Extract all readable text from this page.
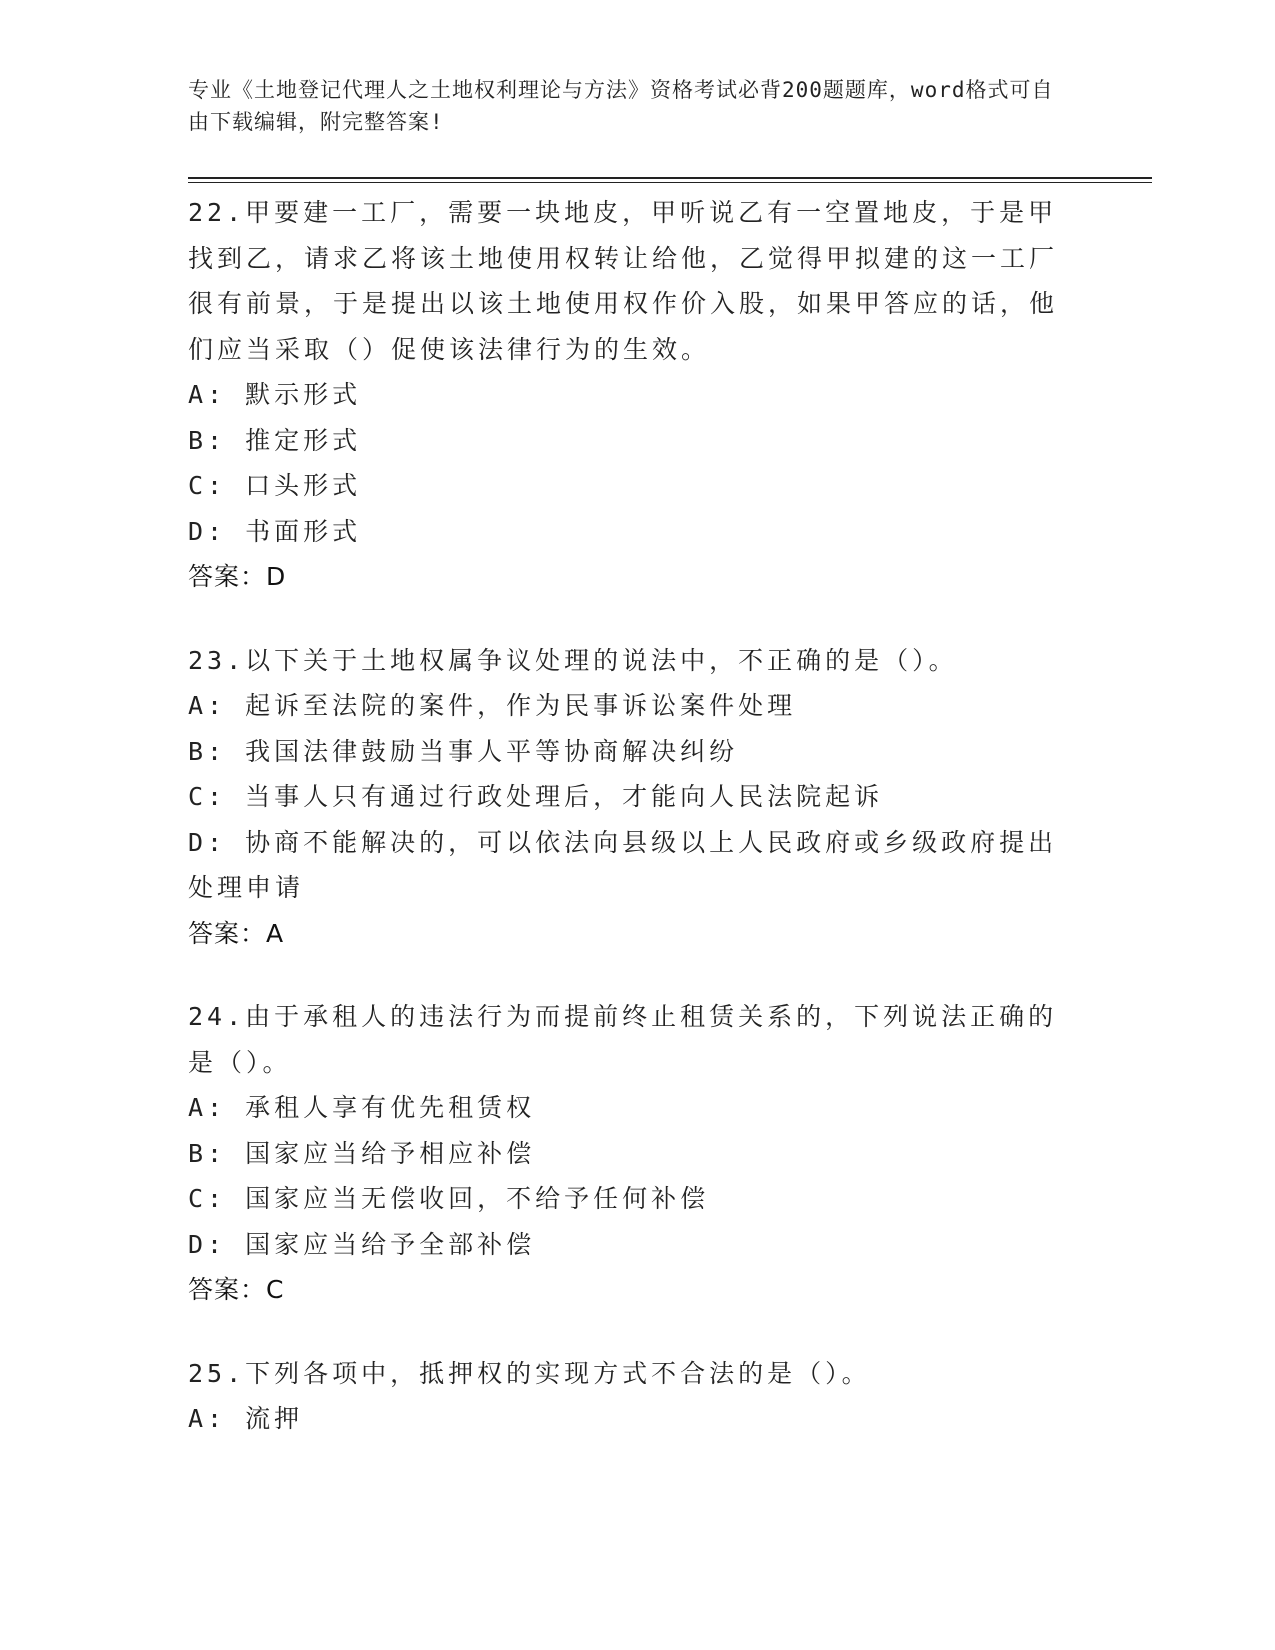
专业《土地登记代理人之土地权利理论与方法》资格考试必背200题题库，word格式可自由下载编辑，附完整答案!
22.甲要建一工厂，需要一块地皮，甲听说乙有一空置地皮，于是甲找到乙，请求乙将该土地使用权转让给他，乙觉得甲拟建的这一工厂很有前景，于是提出以该土地使用权作价入股，如果甲答应的话，他们应当采取（）促使该法律行为的生效。
A: 默示形式
B: 推定形式
C: 口头形式
D: 书面形式
答案：D
23.以下关于土地权属争议处理的说法中，不正确的是（）。
A: 起诉至法院的案件，作为民事诉讼案件处理
B: 我国法律鼓励当事人平等协商解决纠纷
C: 当事人只有通过行政处理后，才能向人民法院起诉
D: 协商不能解决的，可以依法向县级以上人民政府或乡级政府提出处理申请
答案：A
24.由于承租人的违法行为而提前终止租赁关系的，下列说法正确的是（）。
A: 承租人享有优先租赁权
B: 国家应当给予相应补偿
C: 国家应当无偿收回，不给予任何补偿
D: 国家应当给予全部补偿
答案：C
25.下列各项中，抵押权的实现方式不合法的是（）。
A: 流押
